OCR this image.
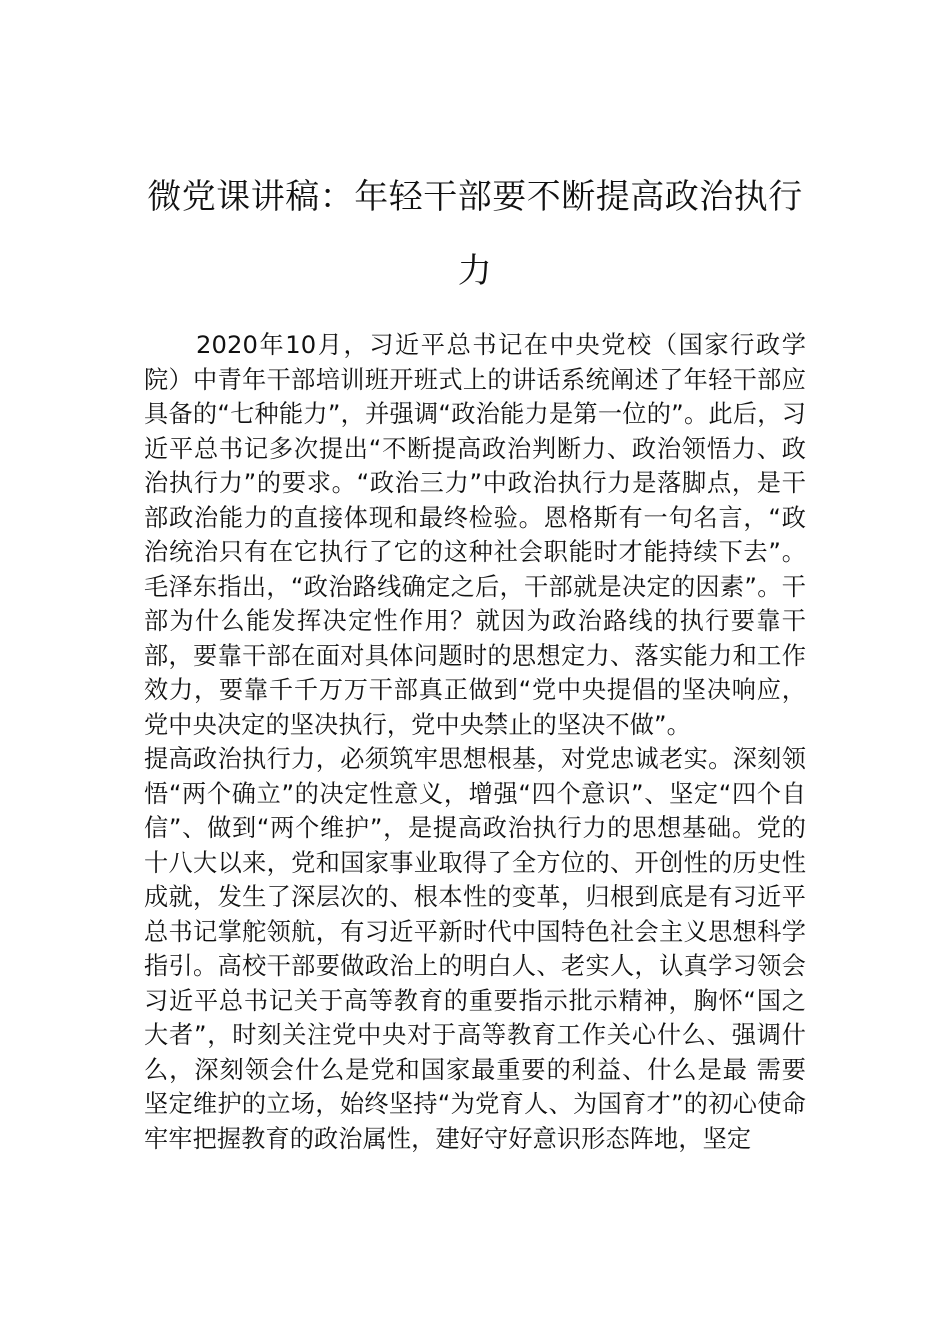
微党课讲稿：年轻干部要不断提高政治执行力

2020年10月，习近平总书记在中央党校（国家行政学院）中青年干部培训班开班式上的讲话系统阐述了年轻干部应具备的“七种能力”，并强调“政治能力是第一位的”。此后，习近平总书记多次提出“不断提高政治判断力、政治领悟力、政治执行力”的要求。“政治三力”中政治执行力是落脚点，是干部政治能力的直接体现和最终检验。恩格斯有一句名言，“政治统治只有在它执行了它的这种社会职能时才能持续下去”。毛泽东指出，“政治路线确定之后，干部就是决定的因素”。干部为什么能发挥决定性作用？就因为政治路线的执行要靠干部，要靠干部在面对具体问题时的思想定力、落实能力和工作效力，要靠千千万万干部真正做到“党中央提倡的坚决响应，党中央决定的坚决执行，党中央禁止的坚决不做”。

提高政治执行力，必须筑牢思想根基，对党忠诚老实。深刻领悟“两个确立”的决定性意义，增强“四个意识”、坚定“四个自信”、做到“两个维护”，是提高政治执行力的思想基础。党的十八大以来，党和国家事业取得了全方位的、开创性的历史性成就，发生了深层次的、根本性的变革，归根到底是有习近平总书记掌舵领航，有习近平新时代中国特色社会主义思想科学指引。高校干部要做政治上的明白人、老实人，认真学习领会习近平总书记关于高等教育的重要指示批示精神，胸怀“国之大者”，时刻关注党中央对于高等教育工作关心什么、强调什么，深刻领会什么是党和国家最重要的利益、什么是最 需要坚定维护的立场，始终坚持“为党育人、为国育才”的初心使命牢牢把握教育的政治属性，建好守好意识形态阵地，坚定
